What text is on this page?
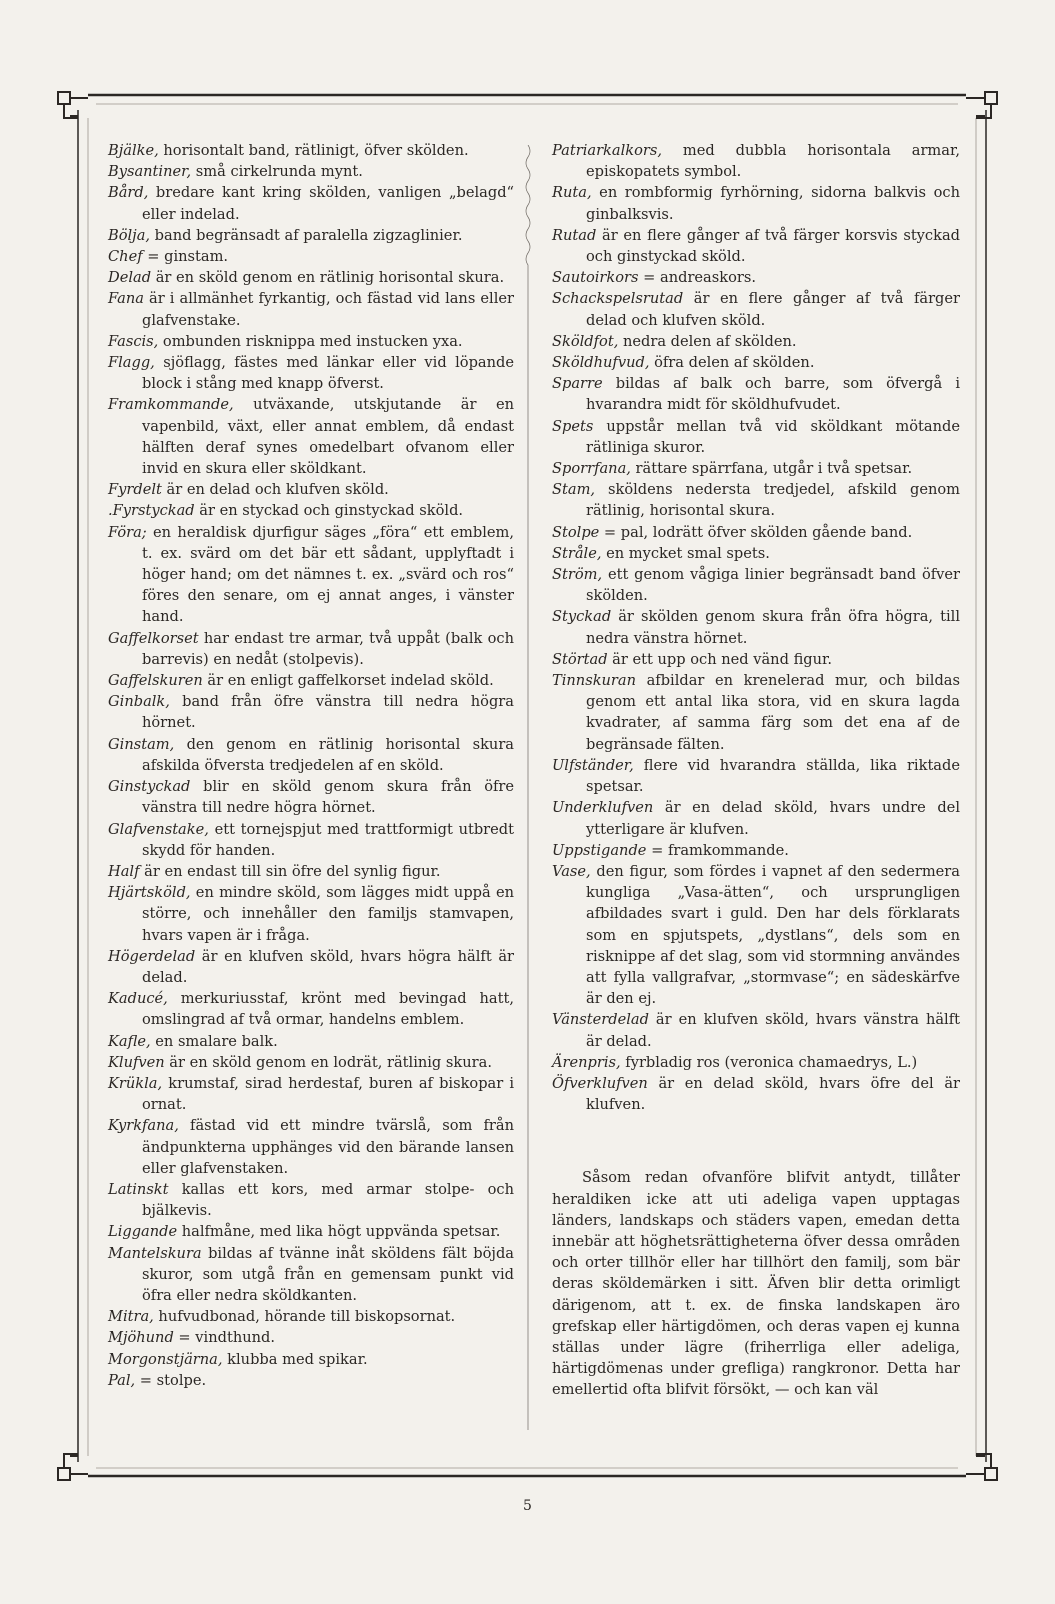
Bjälke, horisontalt band, rätlinigt, öfver skölden.
Bysantiner, små cirkelrunda mynt.
Bård, bredare kant kring skölden, vanligen „belagd“ eller indelad.
Bölja, band begränsadt af paralella zigzaglinier.
Chef = ginstam.
Delad är en sköld genom en rätlinig horisontal skura.
Fana är i allmänhet fyrkantig, och fästad vid lans eller glafvenstake.
Fascis, ombunden risknippa med instucken yxa.
Flagg, sjöflagg, fästes med länkar eller vid löpande block i stång med knapp öfverst.
Framkommande, utväxande, utskjutande är en vapenbild, växt, eller annat emblem, då endast hälften deraf synes omedelbart ofvanom eller invid en skura eller sköldkant.
Fyrdelt är en delad och klufven sköld.
.Fyrstyckad är en styckad och ginstyckad sköld.
Föra; en heraldisk djurfigur säges „föra“ ett emblem, t. ex. svärd om det bär ett sådant, upplyftadt i höger hand; om det nämnes t. ex. „svärd och ros“ föres den senare, om ej annat anges, i vänster hand.
Gaffelkorset har endast tre armar, två uppåt (balk och barrevis) en nedåt (stolpevis).
Gaffelskuren är en enligt gaffelkorset indelad sköld.
Ginbalk, band från öfre vänstra till nedra högra hörnet.
Ginstam, den genom en rätlinig horisontal skura afskilda öfversta tredjedelen af en sköld.
Ginstyckad blir en sköld genom skura från öfre vänstra till nedre högra hörnet.
Glafvenstake, ett tornejspjut med trattformigt utbredt skydd för handen.
Half är en endast till sin öfre del synlig figur.
Hjärtsköld, en mindre sköld, som lägges midt uppå en större, och innehåller den familjs stamvapen, hvars vapen är i fråga.
Högerdelad är en klufven sköld, hvars högra hälft är delad.
Kaducé, merkuriusstaf, krönt med bevingad hatt, omslingrad af två ormar, handelns emblem.
Kafle, en smalare balk.
Klufven är en sköld genom en lodrät, rätlinig skura.
Krükla, krumstaf, sirad herdestaf, buren af biskopar i ornat.
Kyrkfana, fästad vid ett mindre tvärslå, som från ändpunkterna upphänges vid den bärande lansen eller glafvenstaken.
Latinskt kallas ett kors, med armar stolpe- och bjälkevis.
Liggande halfmåne, med lika högt uppvända spetsar.
Mantelskura bildas af tvänne inåt sköldens fält böjda skuror, som utgå från en gemensam punkt vid öfra eller nedra sköldkanten.
Mitra, hufvudbonad, hörande till biskopsornat.
Mjöhund = vindthund.
Morgonstjärna, klubba med spikar.
Pal, = stolpe.
Patriarkalkors, med dubbla horisontala armar, episkopatets symbol.
Ruta, en rombformig fyrhörning, sidorna balkvis och ginbalksvis.
Rutad är en flere gånger af två färger korsvis styckad och ginstyckad sköld.
Sautoirkors = andreaskors.
Schackspelsrutad är en flere gånger af två färger delad och klufven sköld.
Sköldfot, nedra delen af skölden.
Sköldhufvud, öfra delen af skölden.
Sparre bildas af balk och barre, som öfvergå i hvarandra midt för sköldhufvudet.
Spets uppstår mellan två vid sköldkant mötande rätliniga skuror.
Sporrfana, rättare spärrfana, utgår i två spetsar.
Stam, sköldens nedersta tredjedel, afskild genom rätlinig, horisontal skura.
Stolpe = pal, lodrätt öfver skölden gående band.
Stråle, en mycket smal spets.
Ström, ett genom vågiga linier begränsadt band öfver skölden.
Styckad är skölden genom skura från öfra högra, till nedra vänstra hörnet.
Störtad är ett upp och ned vänd figur.
Tinnskuran afbildar en krenelerad mur, och bildas genom ett antal lika stora, vid en skura lagda kvadrater, af samma färg som det ena af de begränsade fälten.
Ulfständer, flere vid hvarandra ställda, lika riktade spetsar.
Underklufven är en delad sköld, hvars undre del ytterligare är klufven.
Uppstigande = framkommande.
Vase, den figur, som fördes i vapnet af den sedermera kungliga „Vasa-ätten“, och ursprungligen afbildades svart i guld. Den har dels förklarats som en spjutspets, „dystlans“, dels som en risknippe af det slag, som vid stormning användes att fylla vallgrafvar, „stormvase“; en sädeskärfve är den ej.
Vänsterdelad är en klufven sköld, hvars vänstra hälft är delad.
Ärenpris, fyrbladig ros (veronica chamaedrys, L.)
Öfverklufven är en delad sköld, hvars öfre del är klufven.
Såsom redan ofvanföre blifvit antydt, tillåter heraldiken icke att uti adeliga vapen upptagas länders, landskaps och städers vapen, emedan detta innebär att höghetsrättigheterna öfver dessa områden och orter tillhör eller har tillhört den familj, som bär deras sköldemärken i sitt. Äfven blir detta orimligt därigenom, att t. ex. de finska landskapen äro grefskap eller härtigdömen, och deras vapen ej kunna ställas under lägre (friherrliga eller adeliga, härtigdömenas under grefliga) rangkronor. Detta har emellertid ofta blifvit försökt, — och kan väl
5
